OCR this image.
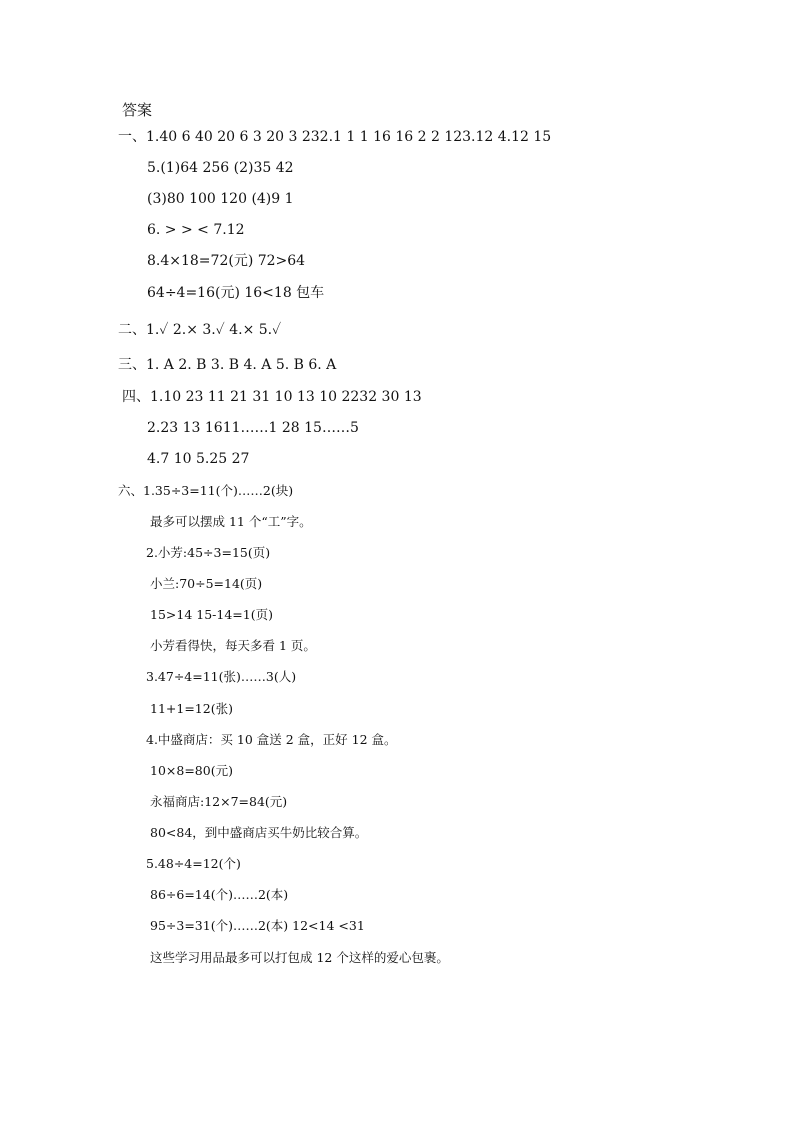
答案
一、1.40 6 40 20 6 3 20 3 232.1 1 1 16 16 2 2 123.12 4.12 15
5.(1)64 256 (2)35 42
(3)80 100 120 (4)9 1
6. > > < 7.12
8.4×18=72(元) 72>64
64÷4=16(元) 16<18 包车
二、1.✓ 2.× 3.✓ 4.× 5.✓
三、1. A 2. B 3. B 4. A 5. B 6. A
四、1.10 23 11 21 31 10 13 10 2232 30 13
2.23 13 1611……1 28 15……5
4.7 10 5.25 27
六、1.35÷3=11(个)……2(块)
最多可以摆成 11 个“工”字。
2.小芳:45÷3=15(页)
小兰:70÷5=14(页)
15>14 15-14=1(页)
小芳看得快，每天多看 1 页。
3.47÷4=11(张)……3(人)
11+1=12(张)
4.中盛商店：买 10 盒送 2 盒，正好 12 盒。
10×8=80(元)
永福商店:12×7=84(元)
80<84，到中盛商店买牛奶比较合算。
5.48÷4=12(个)
86÷6=14(个)……2(本)
95÷3=31(个)……2(本) 12<14 <31
这些学习用品最多可以打包成 12 个这样的爱心包裹。
